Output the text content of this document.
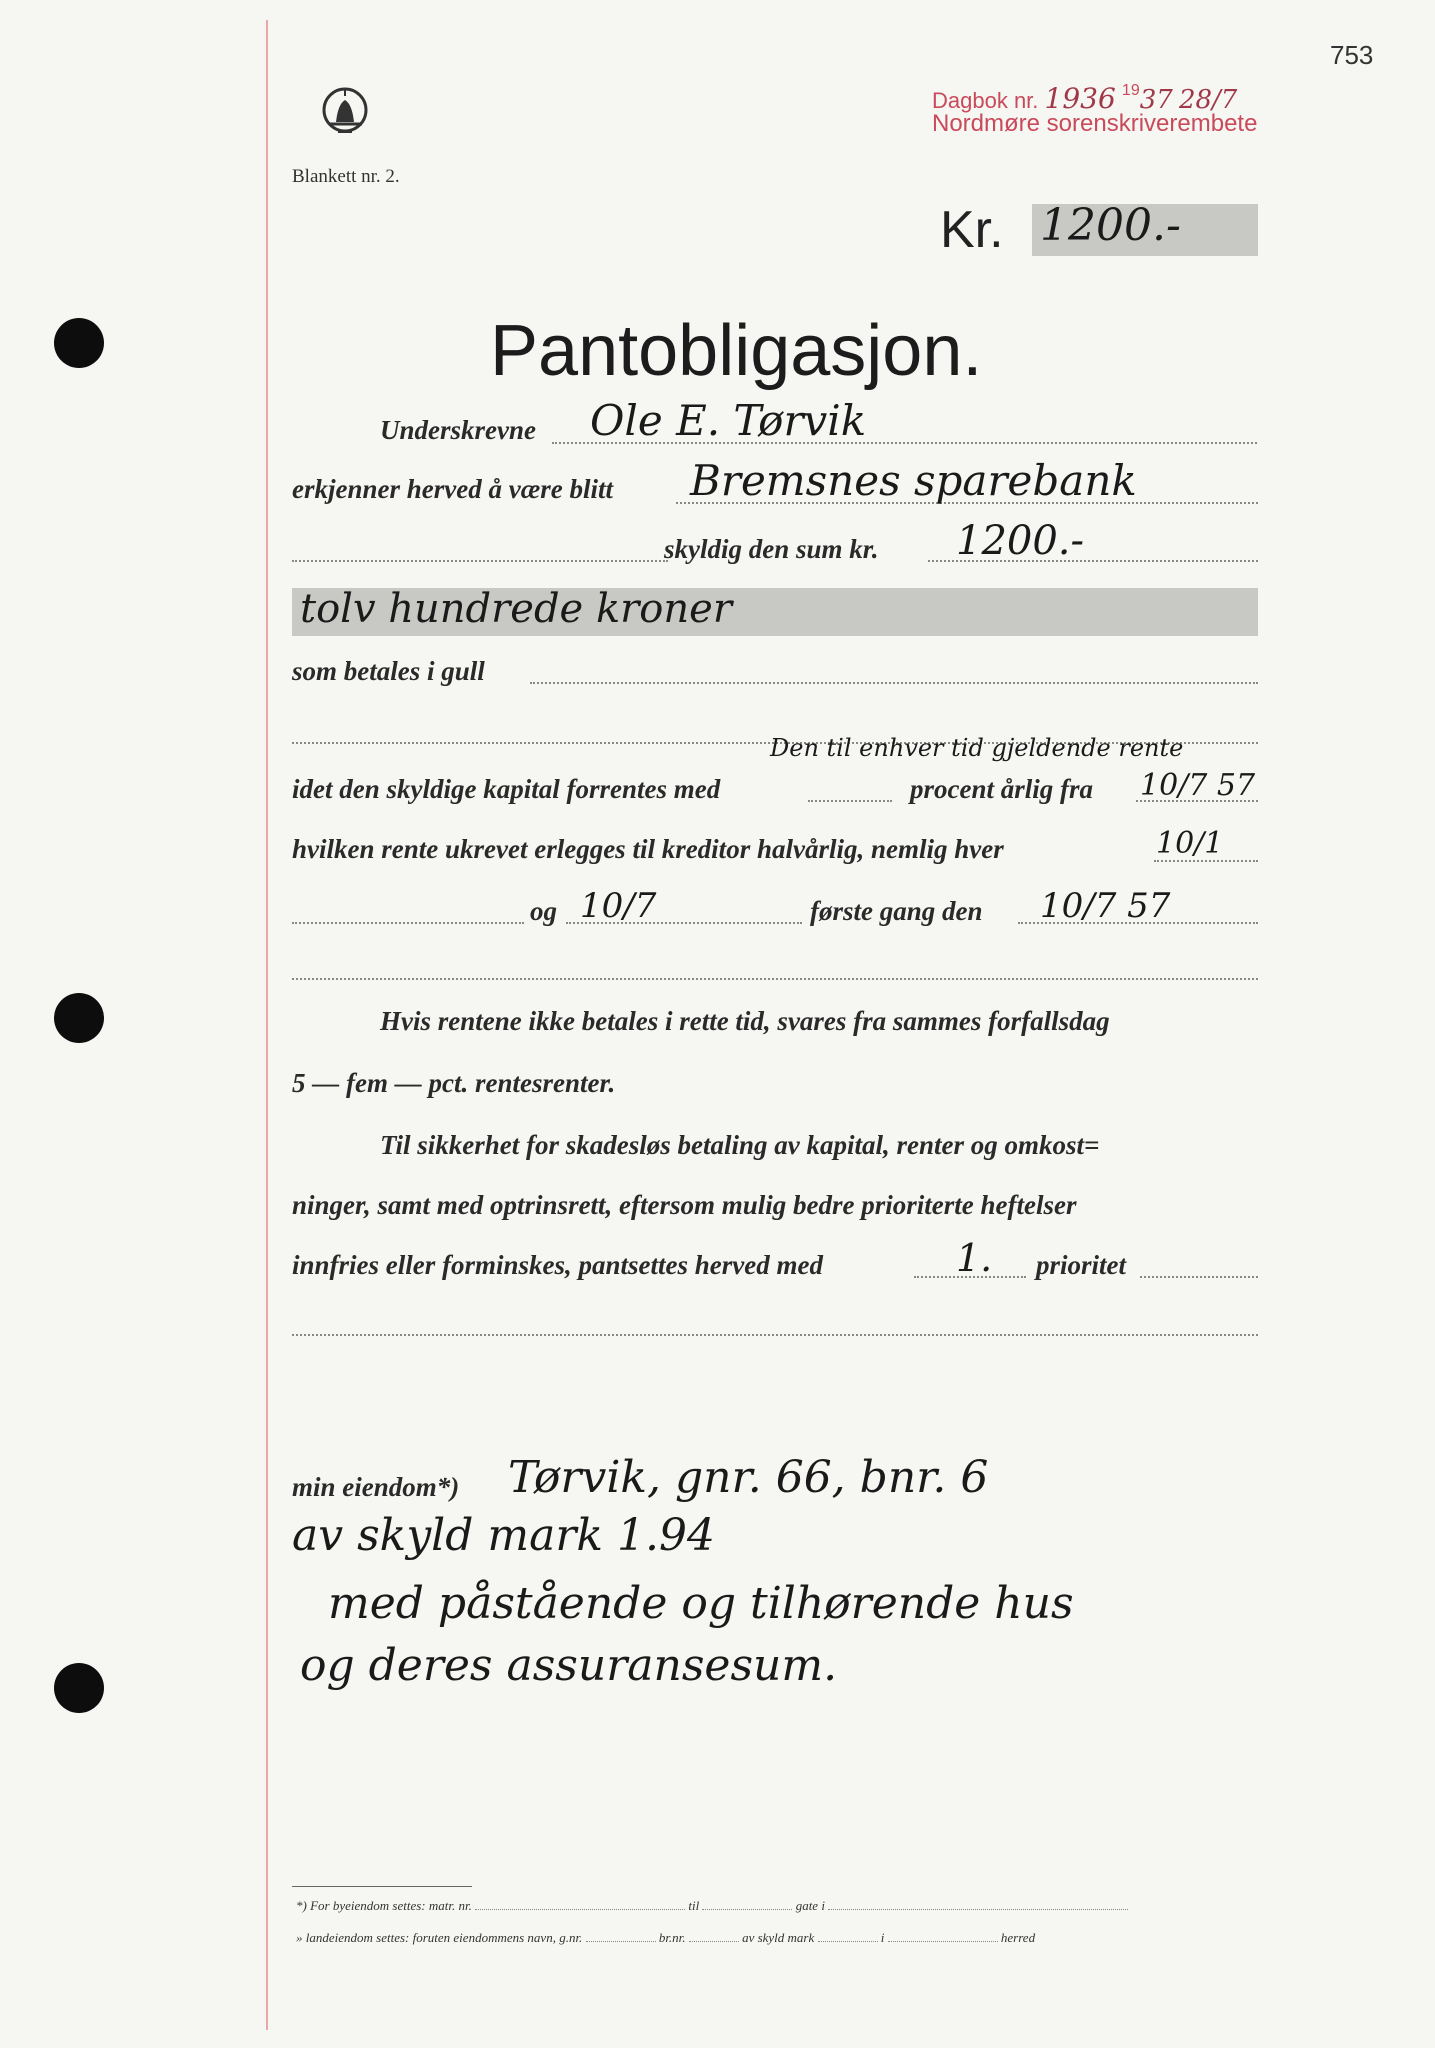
753
Dagbok nr. 1936 $^{19}$37 28/7
Nordmøre sorenskriverembete
Blankett nr. 2.
Kr. 1200.-
Pantobligasjon.
Underskrevne Ole E. Tørvik
erkjenner herved å være blitt Bremsnes sparebank
skyldig den sum kr. 1200.-
tolv hundrede kroner
som betales i gull
Den til enhver tid gjeldende rente
idet den skyldige kapital forrentes med	procent årlig fra 10/7 57
hvilken rente ukrevet erlegges til kreditor halvårlig, nemlig hver	10/1
og 10/7	første gang den 10/7 57
Hvis rentene ikke betales i rette tid, svares fra sammes forfallsdag
5 — fem — pct. rentesrenter.
Til sikkerhet for skadesløs betaling av kapital, renter og omkost=
ninger, samt med optrinsrett, eftersom mulig bedre prioriterte heftelser
innfries eller forminskes, pantsettes herved med	1. prioritet
min eiendom*) Tørvik, gnr. 66, bnr. 6
av skyld mark 1.94
med påstående og tilhørende hus
og deres assuransesum.
*) For byeiendom settes: matr. nr.	til	gate i
» landeiendom settes: foruten eiendommens navn, g.nr.	br.nr.	av skyld mark	i	herred
